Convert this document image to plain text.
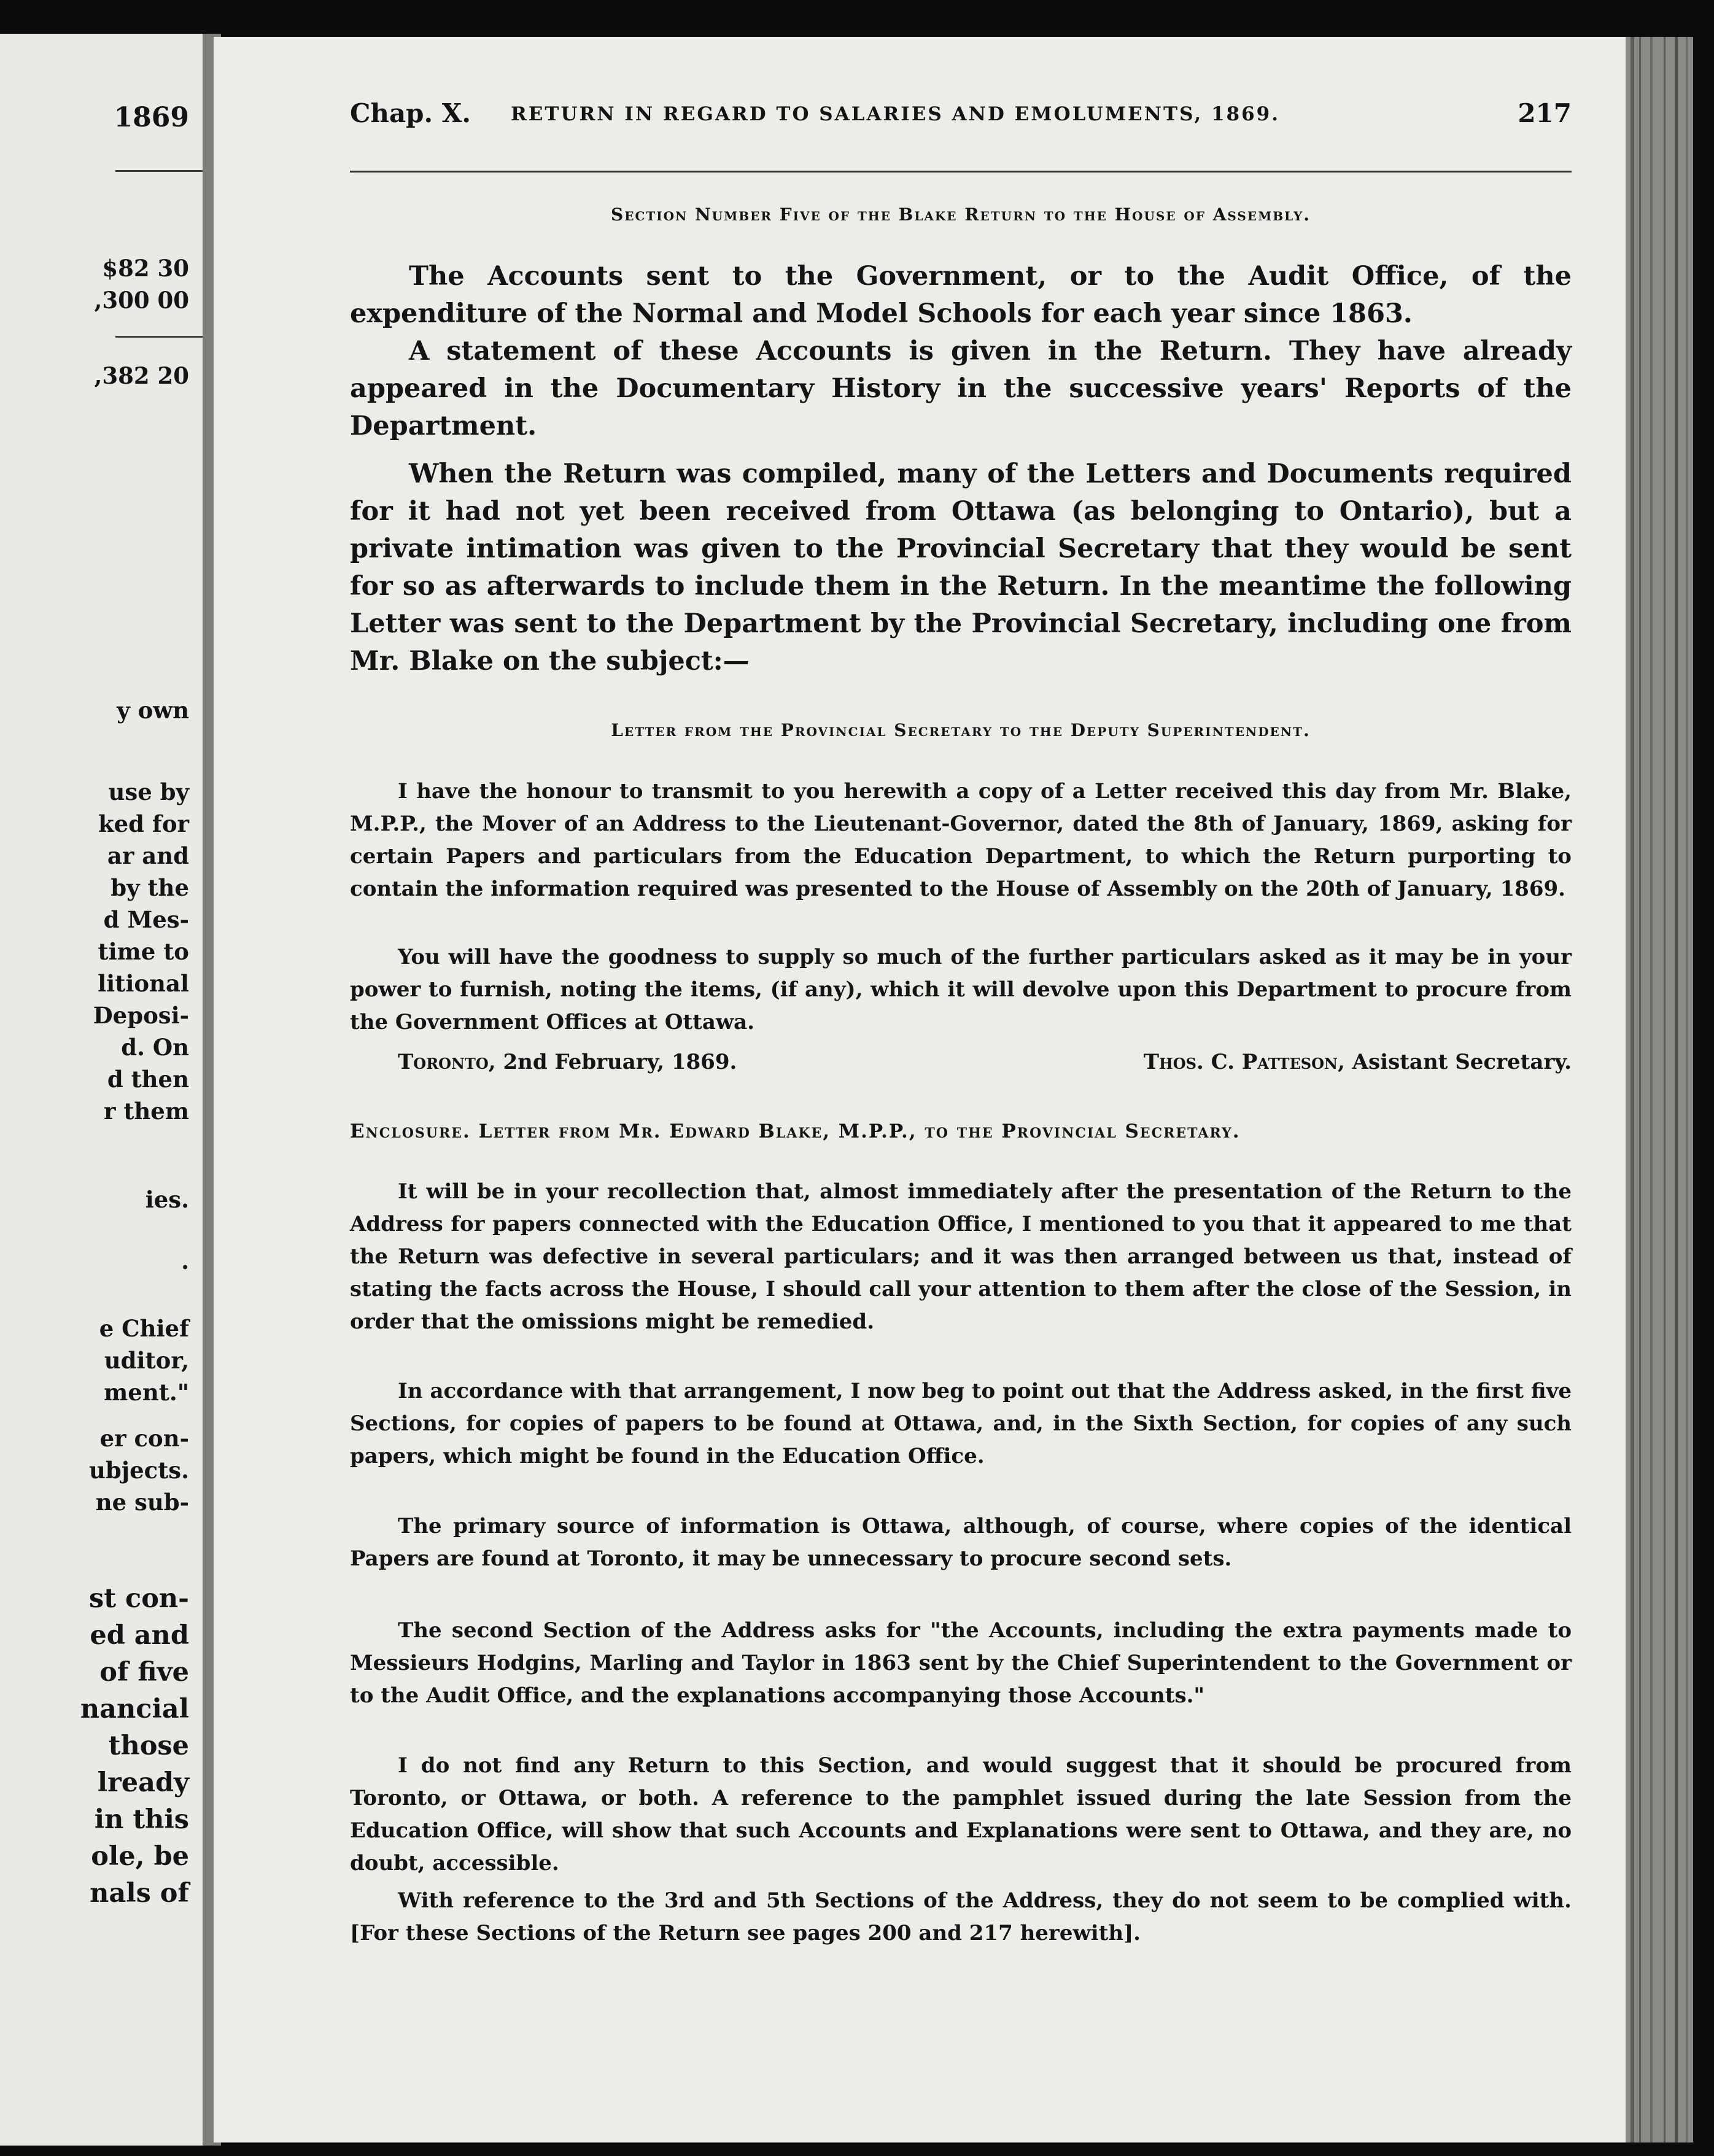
1869
$82 30
,300 00
,382 20
y own
use by
ked for
ar and
by the
d Mes-
time to
litional
Deposi-
d. On
d then
r them
ies.
.
e Chief
uditor,
ment."
er con-
ubjects.
ne sub-
st con-
ed and
of five
nancial
those
lready
in this
ole, be
nals of
Chap. X. RETURN IN REGARD TO SALARIES AND EMOLUMENTS, 1869.	217
Section Number Five of the Blake Return to the House of Assembly.
The Accounts sent to the Government, or to the Audit Office, of the expenditure of the Normal and Model Schools for each year since 1863.
A statement of these Accounts is given in the Return. They have already appeared in the Documentary History in the successive years' Reports of the Department.
When the Return was compiled, many of the Letters and Documents required for it had not yet been received from Ottawa (as belonging to Ontario), but a private intimation was given to the Provincial Secretary that they would be sent for so as afterwards to include them in the Return. In the meantime the following Letter was sent to the Department by the Provincial Secretary, including one from Mr. Blake on the subject:—
Letter from the Provincial Secretary to the Deputy Superintendent.
I have the honour to transmit to you herewith a copy of a Letter received this day from Mr. Blake, M.P.P., the Mover of an Address to the Lieutenant-Governor, dated the 8th of January, 1869, asking for certain Papers and particulars from the Education Department, to which the Return purporting to contain the information required was presented to the House of Assembly on the 20th of January, 1869.
You will have the goodness to supply so much of the further particulars asked as it may be in your power to furnish, noting the items, (if any), which it will devolve upon this Department to procure from the Government Offices at Ottawa.
Toronto, 2nd February, 1869.	Thos. C. Patteson, Asistant Secretary.
Enclosure. Letter from Mr. Edward Blake, M.P.P., to the Provincial Secretary.
It will be in your recollection that, almost immediately after the presentation of the Return to the Address for papers connected with the Education Office, I mentioned to you that it appeared to me that the Return was defective in several particulars; and it was then arranged between us that, instead of stating the facts across the House, I should call your attention to them after the close of the Session, in order that the omissions might be remedied.
In accordance with that arrangement, I now beg to point out that the Address asked, in the first five Sections, for copies of papers to be found at Ottawa, and, in the Sixth Section, for copies of any such papers, which might be found in the Education Office.
The primary source of information is Ottawa, although, of course, where copies of the identical Papers are found at Toronto, it may be unnecessary to procure second sets.
The second Section of the Address asks for "the Accounts, including the extra payments made to Messieurs Hodgins, Marling and Taylor in 1863 sent by the Chief Superintendent to the Government or to the Audit Office, and the explanations accompanying those Accounts."
I do not find any Return to this Section, and would suggest that it should be procured from Toronto, or Ottawa, or both. A reference to the pamphlet issued during the late Session from the Education Office, will show that such Accounts and Explanations were sent to Ottawa, and they are, no doubt, accessible.
With reference to the 3rd and 5th Sections of the Address, they do not seem to be complied with. [For these Sections of the Return see pages 200 and 217 herewith].
